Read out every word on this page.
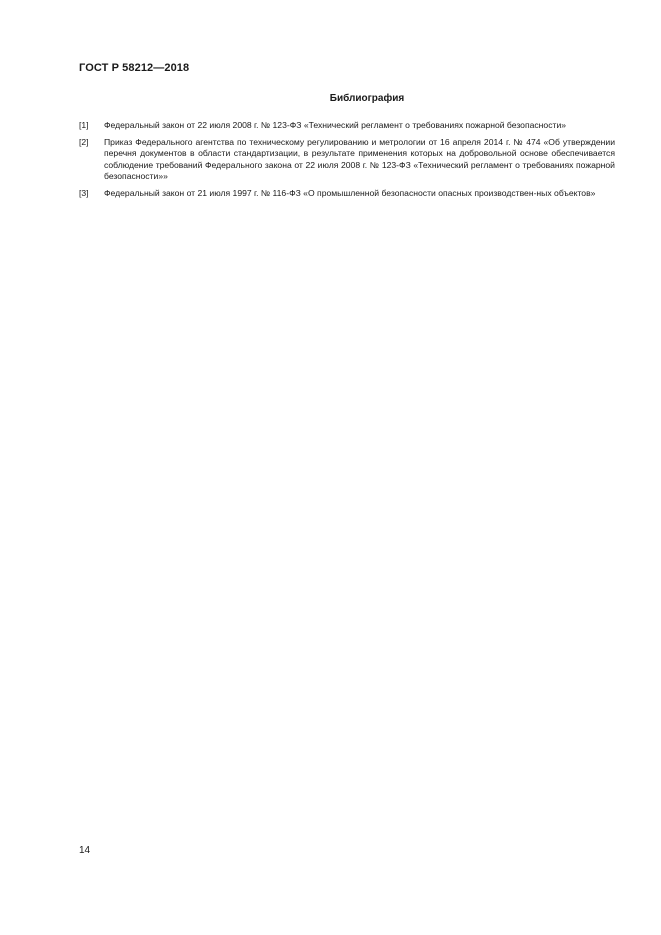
ГОСТ Р 58212—2018
Библиография
[1]	Федеральный закон от 22 июля 2008 г. № 123-ФЗ «Технический регламент о требованиях пожарной безопасности»
[2]	Приказ Федерального агентства по техническому регулированию и метрологии от 16 апреля 2014 г. № 474 «Об утверждении перечня документов в области стандартизации, в результате применения которых на добровольной основе обеспечивается соблюдение требований Федерального закона от 22 июля 2008 г. № 123-ФЗ «Технический регламент о требованиях пожарной безопасности»»
[3]	Федеральный закон от 21 июля 1997 г. № 116-ФЗ «О промышленной безопасности опасных производствен-ных объектов»
14
